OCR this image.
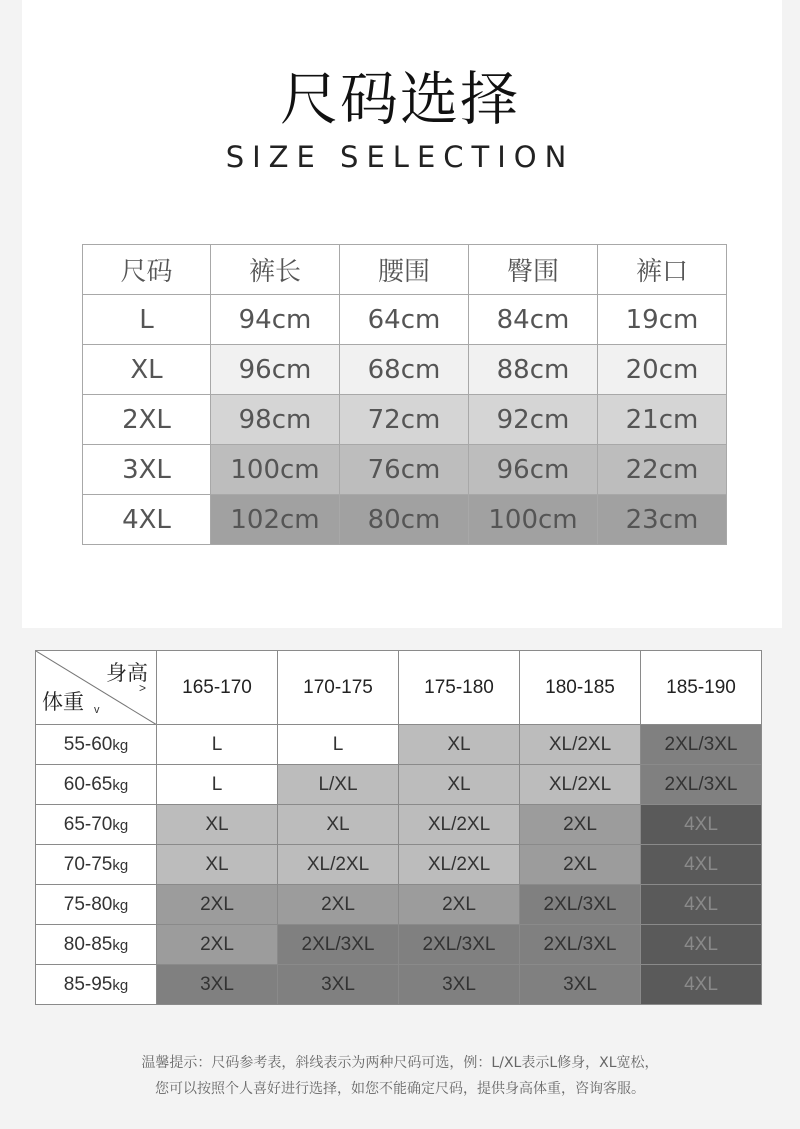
尺码选择
SIZE SELECTION
尺码	裤长	腰围	臀围	裤口
L	94cm	64cm	84cm	19cm
XL	96cm	68cm	88cm	20cm
2XL	98cm	72cm	92cm	21cm
3XL	100cm	76cm	96cm	22cm
4XL	102cm	80cm	100cm	23cm
身高
>
体重 v	165-170	170-175	175-180	180-185	185-190
55-60kg	L	L	XL	XL/2XL	2XL/3XL
60-65kg	L	L/XL	XL	XL/2XL	2XL/3XL
65-70kg	XL	XL	XL/2XL	2XL	4XL
70-75kg	XL	XL/2XL	XL/2XL	2XL	4XL
75-80kg	2XL	2XL	2XL	2XL/3XL	4XL
80-85kg	2XL	2XL/3XL	2XL/3XL	2XL/3XL	4XL
85-95kg	3XL	3XL	3XL	3XL	4XL
温馨提示：尺码参考表，斜线表示为两种尺码可选，例：L/XL表示L修身，XL宽松，
您可以按照个人喜好进行选择，如您不能确定尺码，提供身高体重，咨询客服。
